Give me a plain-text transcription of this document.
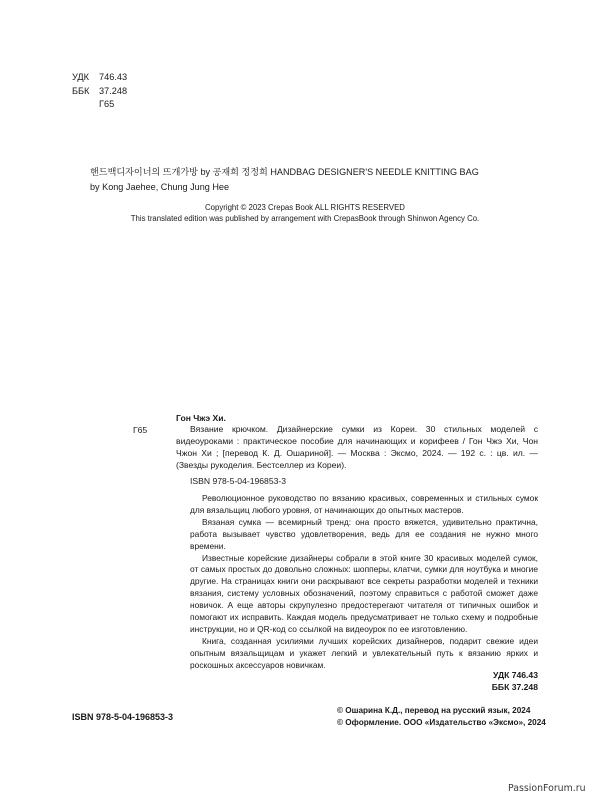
УДК 746.43
ББК 37.248
Г65
핸드백디자이너의 뜨개가방 by 공재희 정정희 HANDBAG DESIGNER'S NEEDLE KNITTING BAG
by Kong Jaehee, Chung Jung Hee
Copyright © 2023 Crepas Book ALL RIGHTS RESERVED
This translated edition was published by arrangement with CrepasBook through Shinwon Agency Co.
Гон Чжэ Хи.
Г65	Вязание крючком. Дизайнерские сумки из Кореи. 30 стильных моделей с видеоуроками : практическое пособие для начинающих и корифеев / Гон Чжэ Хи, Чон Чжон Хи ; [перевод К. Д. Ошариной]. — Москва : Эксмо, 2024. — 192 с. : цв. ил. — (Звезды рукоделия. Бестселлер из Кореи).
ISBN 978-5-04-196853-3

Революционное руководство по вязанию красивых, современных и стильных сумок для вязальщиц любого уровня, от начинающих до опытных мастеров.

Вязаная сумка — всемирный тренд: она просто вяжется, удивительно практична, работа вызывает чувство удовлетворения, ведь для ее создания не нужно много времени.

Известные корейские дизайнеры собрали в этой книге 30 красивых моделей сумок, от самых простых до довольно сложных: шопперы, клатчи, сумки для ноутбука и многие другие. На страницах книги они раскрывают все секреты разработки моделей и техники вязания, систему условных обозначений, поэтому справиться с работой сможет даже новичок. А еще авторы скрупулезно предостерегают читателя от типичных ошибок и помогают их исправить. Каждая модель предусматривает не только схему и подробные инструкции, но и QR-код со ссылкой на видеоурок по ее изготовлению.

Книга, созданная усилиями лучших корейских дизайнеров, подарит свежие идеи опытным вязальщицам и укажет легкий и увлекательный путь к вязанию ярких и роскошных аксессуаров новичкам.

УДК 746.43
ББК 37.248
ISBN 978-5-04-196853-3
© Ошарина К.Д., перевод на русский язык, 2024
© Оформление. ООО «Издательство «Эксмо», 2024
PassionForum.ru
